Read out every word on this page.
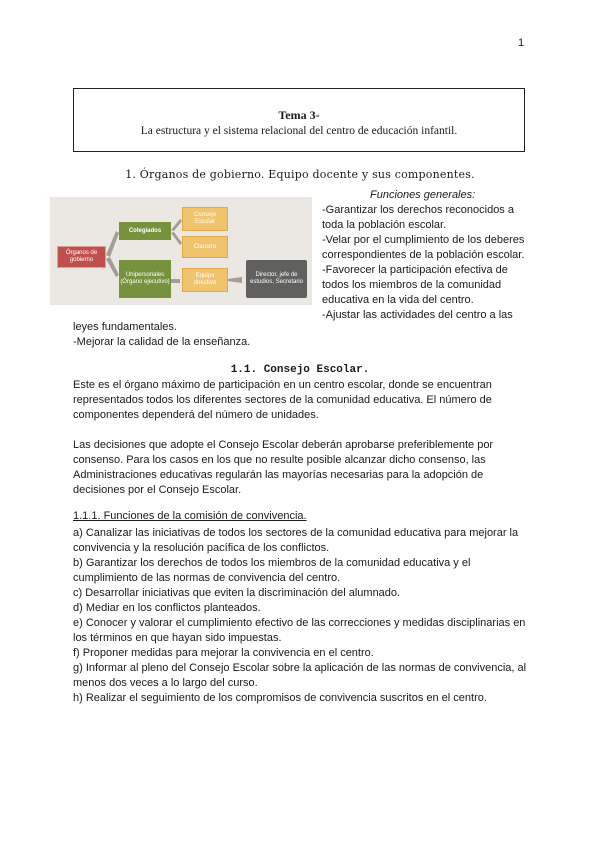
1
Tema 3-
La estructura y el sistema relacional del centro de educación infantil.
1. Órganos de gobierno. Equipo docente y sus componentes.
Órganos de gobierno
Colegiados
Unipersonales (Órgano ejecutivo)
Consejo Escolar
Claustro
Equipo directivo
Director, jefe de estudios, Secretario
Funciones generales:

-Garantizar los derechos reconocidos a toda la población escolar.

-Velar por el cumplimiento de los deberes correspondientes de la población escolar.

-Favorecer la participación efectiva de todos los miembros de la comunidad educativa en la vida del centro.

-Ajustar las actividades del centro a las

leyes fundamentales.

-Mejorar la calidad de la enseñanza.

1.1. Consejo Escolar.

Este es el órgano máximo de participación en un centro escolar, donde se encuentran representados todos los diferentes sectores de la comunidad educativa. El número de componentes dependerá del número de unidades.

Las decisiones que adopte el Consejo Escolar deberán aprobarse preferiblemente por consenso. Para los casos en los que no resulte posible alcanzar dicho consenso, las Administraciones educativas regularán las mayorías necesarias para la adopción de decisiones por el Consejo Escolar.

1.1.1. Funciones de la comisión de convivencia.

a) Canalizar las iniciativas de todos los sectores de la comunidad educativa para mejorar la convivencia y la resolución pacífica de los conflictos.

b) Garantizar los derechos de todos los miembros de la comunidad educativa y el cumplimiento de las normas de convivencia del centro.

c) Desarrollar iniciativas que eviten la discriminación del alumnado.

d) Mediar en los conflictos planteados.

e) Conocer y valorar el cumplimiento efectivo de las correcciones y medidas disciplinarias en los términos en que hayan sido impuestas.

f) Proponer medidas para mejorar la convivencia en el centro.

g) Informar al pleno del Consejo Escolar sobre la aplicación de las normas de convivencia, al menos dos veces a lo largo del curso.

h) Realizar el seguimiento de los compromisos de convivencia suscritos en el centro.
